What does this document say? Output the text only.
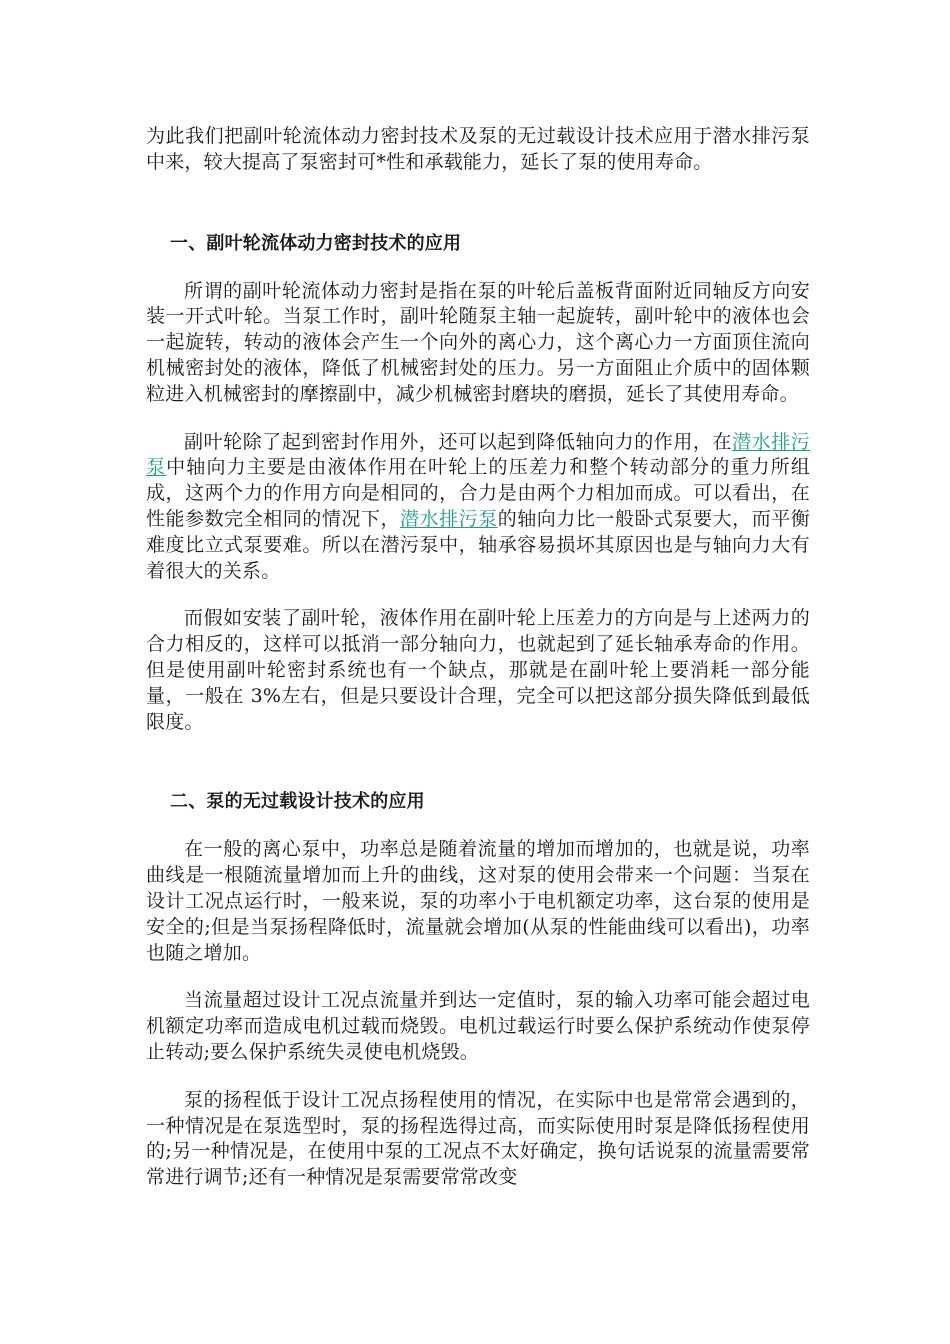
为此我们把副叶轮流体动力密封技术及泵的无过载设计技术应用于潜水排污泵中来，较大提高了泵密封可*性和承载能力，延长了泵的使用寿命。

一、副叶轮流体动力密封技术的应用

所谓的副叶轮流体动力密封是指在泵的叶轮后盖板背面附近同轴反方向安装一开式叶轮。当泵工作时，副叶轮随泵主轴一起旋转，副叶轮中的液体也会一起旋转，转动的液体会产生一个向外的离心力，这个离心力一方面顶住流向机械密封处的液体，降低了机械密封处的压力。另一方面阻止介质中的固体颗粒进入机械密封的摩擦副中，减少机械密封磨块的磨损，延长了其使用寿命。

副叶轮除了起到密封作用外，还可以起到降低轴向力的作用，在潜水排污泵中轴向力主要是由液体作用在叶轮上的压差力和整个转动部分的重力所组成，这两个力的作用方向是相同的，合力是由两个力相加而成。可以看出，在性能参数完全相同的情况下，潜水排污泵的轴向力比一般卧式泵要大，而平衡难度比立式泵要难。所以在潜污泵中，轴承容易损坏其原因也是与轴向力大有着很大的关系。

而假如安装了副叶轮，液体作用在副叶轮上压差力的方向是与上述两力的合力相反的，这样可以抵消一部分轴向力，也就起到了延长轴承寿命的作用。但是使用副叶轮密封系统也有一个缺点，那就是在副叶轮上要消耗一部分能量，一般在 3%左右，但是只要设计合理，完全可以把这部分损失降低到最低限度。

二、泵的无过载设计技术的应用

在一般的离心泵中，功率总是随着流量的增加而增加的，也就是说，功率曲线是一根随流量增加而上升的曲线，这对泵的使用会带来一个问题：当泵在设计工况点运行时，一般来说，泵的功率小于电机额定功率，这台泵的使用是安全的;但是当泵扬程降低时，流量就会增加(从泵的性能曲线可以看出)，功率也随之增加。

当流量超过设计工况点流量并到达一定值时，泵的输入功率可能会超过电机额定功率而造成电机过载而烧毁。电机过载运行时要么保护系统动作使泵停止转动;要么保护系统失灵使电机烧毁。

泵的扬程低于设计工况点扬程使用的情况，在实际中也是常常会遇到的，一种情况是在泵选型时，泵的扬程选得过高，而实际使用时泵是降低扬程使用的;另一种情况是，在使用中泵的工况点不太好确定，换句话说泵的流量需要常常进行调节;还有一种情况是泵需要常常改变
